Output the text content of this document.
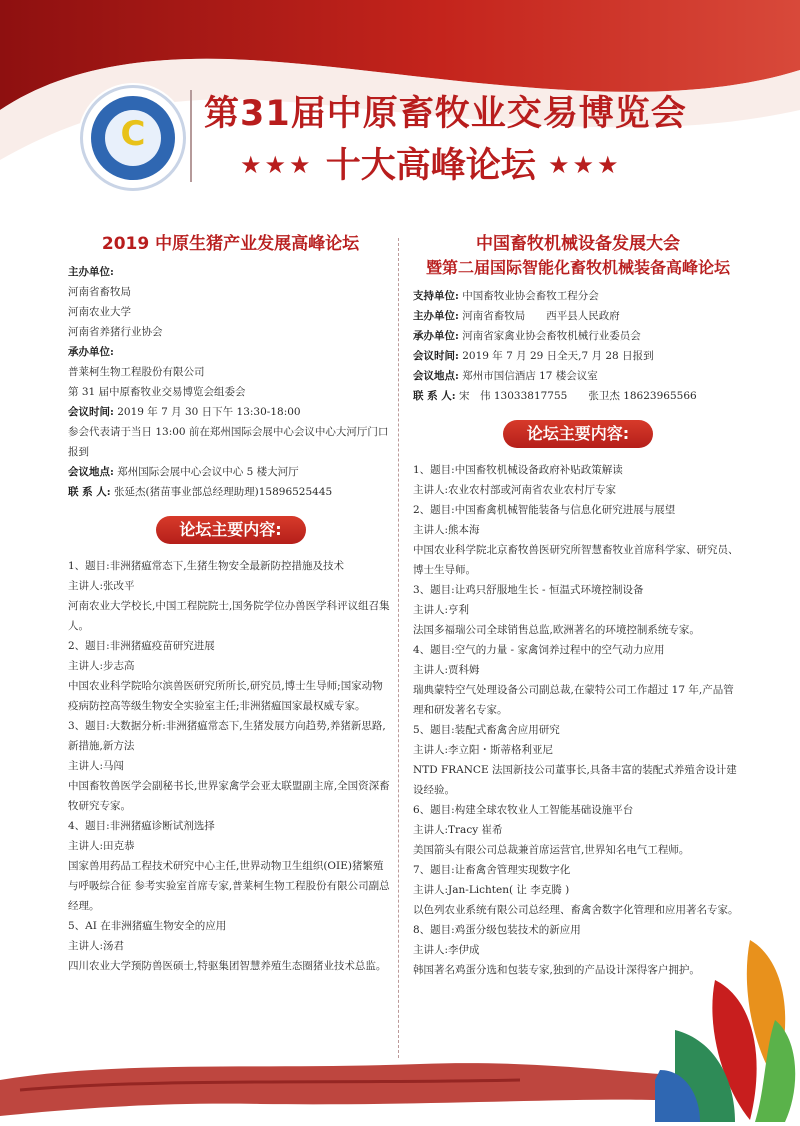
C 第31届中原畜牧业交易博览会
★★★ 十大高峰论坛 ★★★
2019 中原生猪产业发展高峰论坛
主办单位:
河南省畜牧局
河南农业大学
河南省养猪行业协会
承办单位:
普莱柯生物工程股份有限公司
第 31 届中原畜牧业交易博览会组委会
会议时间: 2019 年 7 月 30 日下午 13:30-18:00
参会代表请于当日 13:00 前在郑州国际会展中心会议中心大河厅门口报到
会议地点: 郑州国际会展中心会议中心 5 楼大河厅
联 系 人: 张延杰(猪苗事业部总经理助理)15896525445
论坛主要内容:
1、题目:非洲猪瘟常态下,生猪生物安全最新防控措施及技术
主讲人:张改平
河南农业大学校长,中国工程院院士,国务院学位办兽医学科评议组召集人。
2、题目:非洲猪瘟疫苗研究进展
主讲人:步志高
中国农业科学院哈尔滨兽医研究所所长,研究员,博士生导师;国家动物疫病防控高等级生物安全实验室主任;非洲猪瘟国家最权威专家。
3、题目:大数据分析:非洲猪瘟常态下,生猪发展方向趋势,养猪新思路,新措施,新方法
主讲人:马闯
中国畜牧兽医学会副秘书长,世界家禽学会亚太联盟副主席,全国资深畜牧研究专家。
4、题目:非洲猪瘟诊断试剂选择
主讲人:田克恭
国家兽用药品工程技术研究中心主任,世界动物卫生组织(OIE)猪繁殖与呼吸综合征 参考实验室首席专家,普莱柯生物工程股份有限公司副总经理。
5、AI 在非洲猪瘟生物安全的应用
主讲人:汤君
四川农业大学预防兽医硕士,特驱集团智慧养殖生态圈猪业技术总监。
中国畜牧机械设备发展大会
暨第二届国际智能化畜牧机械装备高峰论坛
支持单位: 中国畜牧业协会畜牧工程分会
主办单位: 河南省畜牧局　　西平县人民政府
承办单位: 河南省家禽业协会畜牧机械行业委员会
会议时间: 2019 年 7 月 29 日全天,7 月 28 日报到
会议地点: 郑州市国信酒店 17 楼会议室
联 系 人: 宋　伟 13033817755　　张卫杰 18623965566
论坛主要内容:
1、题目:中国畜牧机械设备政府补贴政策解读
主讲人:农业农村部或河南省农业农村厅专家
2、题目:中国畜禽机械智能装备与信息化研究进展与展望
主讲人:熊本海
中国农业科学院北京畜牧兽医研究所智慧畜牧业首席科学家、研究员、博士生导师。
3、题目:让鸡只舒服地生长 - 恒温式环境控制设备
主讲人:亨利
法国多福瑞公司全球销售总监,欧洲著名的环境控制系统专家。
4、题目:空气的力量 - 家禽饲养过程中的空气动力应用
主讲人:贾科姆
瑞典蒙特空气处理设备公司副总裁,在蒙特公司工作超过 17 年,产品管理和研发著名专家。
5、题目:装配式畜禽舍应用研究
主讲人:李立阳・斯蒂格利亚尼
NTD FRANCE 法国新技公司董事长,具备丰富的装配式养殖舍设计建设经验。
6、题目:构建全球农牧业人工智能基础设施平台
主讲人:Tracy 崔希
美国箭头有限公司总裁兼首席运营官,世界知名电气工程师。
7、题目:让畜禽舍管理实现数字化
主讲人:Jan-Lichten( 让 李克腾 )
以色列农业系统有限公司总经理、畜禽舍数字化管理和应用著名专家。
8、题目:鸡蛋分级包装技术的新应用
主讲人:李伊成
韩国著名鸡蛋分选和包装专家,独到的产品设计深得客户拥护。
